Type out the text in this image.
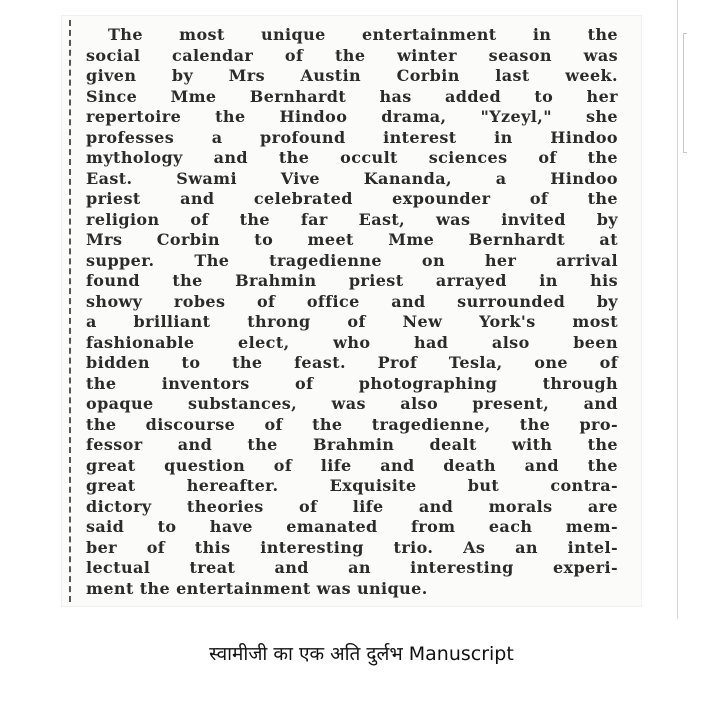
The most unique entertainment in the
social calendar of the winter season was
given by Mrs Austin Corbin last week.
Since Mme Bernhardt has added to her
repertoire the Hindoo drama, "Yzeyl," she
professes a profound interest in Hindoo
mythology and the occult sciences of the
East. Swami Vive Kananda, a Hindoo
priest and celebrated expounder of the
religion of the far East, was invited by
Mrs Corbin to meet Mme Bernhardt at
supper. The tragedienne on her arrival
found the Brahmin priest arrayed in his
showy robes of office and surrounded by
a brilliant throng of New York's most
fashionable elect, who had also been
bidden to the feast. Prof Tesla, one of
the inventors of photographing through
opaque substances, was also present, and
the discourse of the tragedienne, the pro-
fessor and the Brahmin dealt with the
great question of life and death and the
great hereafter. Exquisite but contra-
dictory theories of life and morals are
said to have emanated from each mem-
ber of this interesting trio. As an intel-
lectual treat and an interesting experi-
ment the entertainment was unique.
स्वामीजी का एक अति दुर्लभ Manuscript
